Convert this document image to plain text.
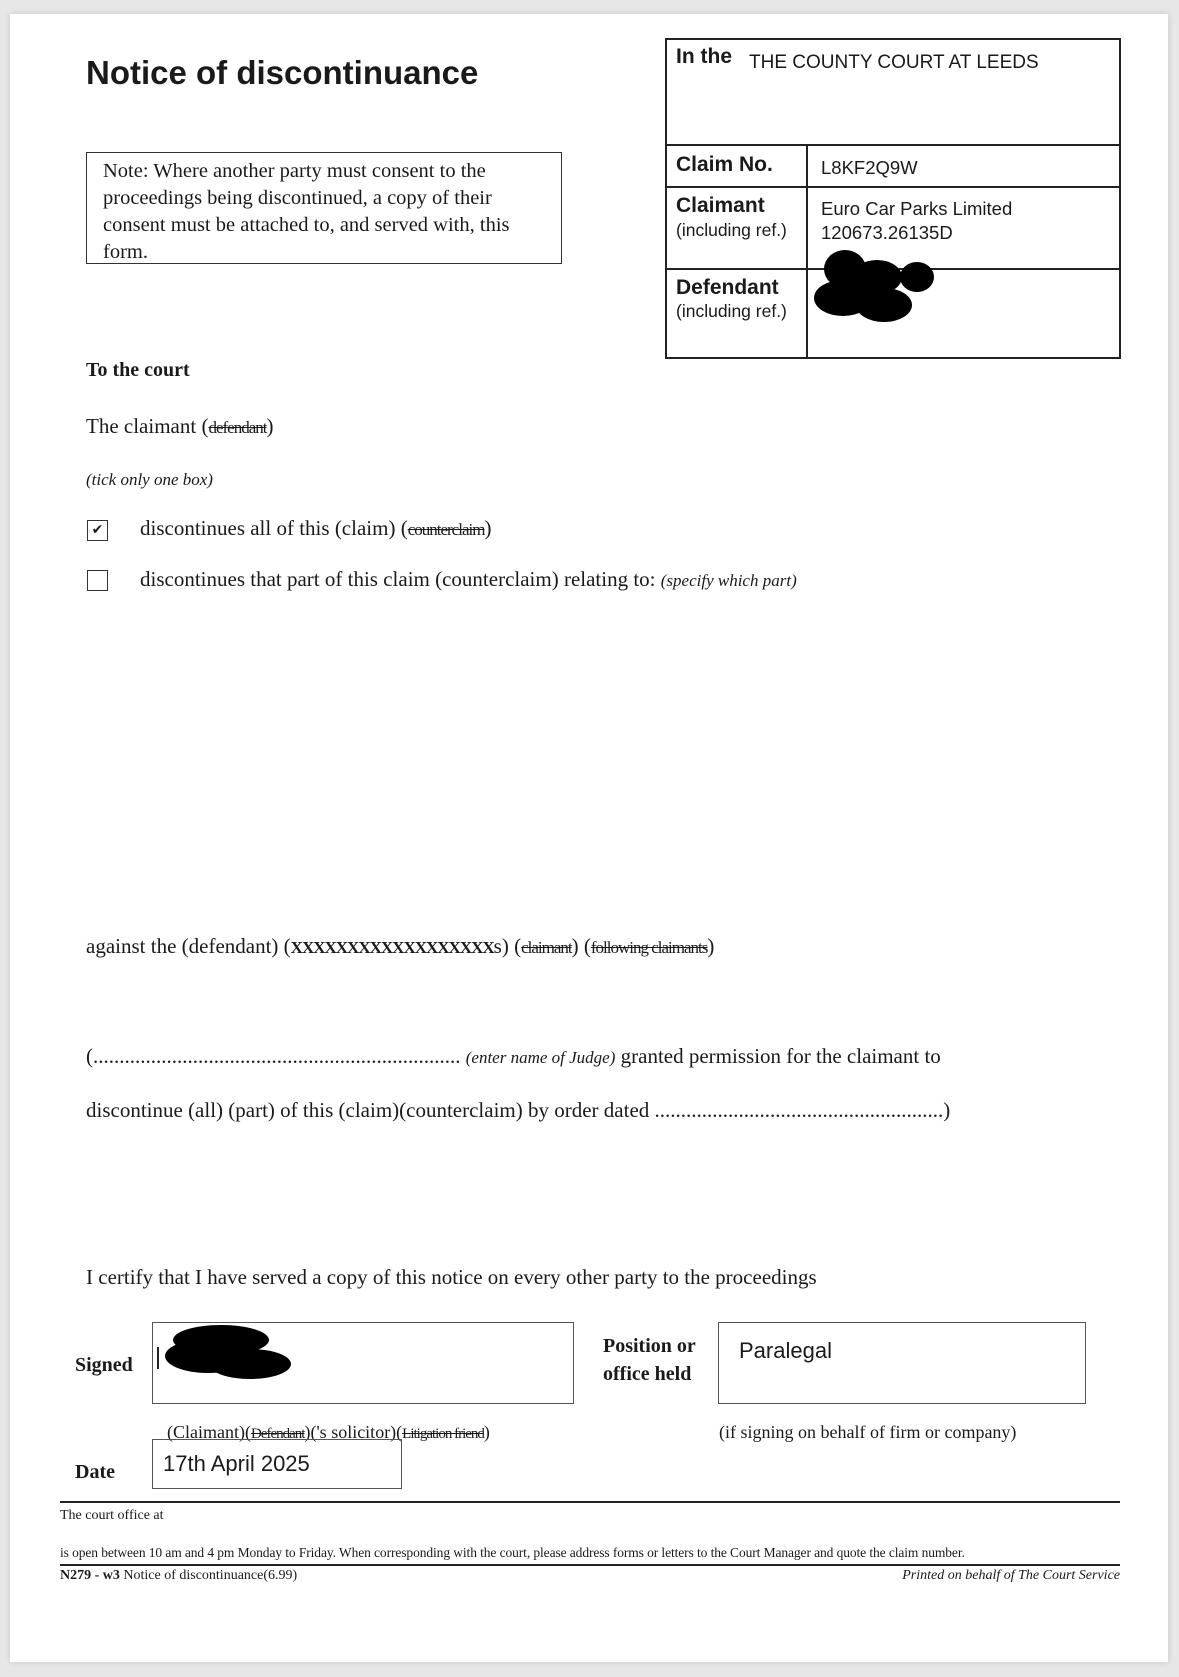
Notice of discontinuance
Note: Where another party must consent to the proceedings being discontinued, a copy of their consent must be attached to, and served with, this form.
In the THE COUNTY COURT AT LEEDS
Claim No.	L8KF2Q9W
Claimant
(including ref.)
Euro Car Parks Limited
120673.26135D
Defendant
(including ref.)
To the court
The claimant (defendant)
(tick only one box)
✔ discontinues all of this (claim) (counterclaim)
discontinues that part of this claim (counterclaim) relating to: (specify which part)
against the (defendant) (XXXXXXXXXXXXXXXXXXs) (claimant) (following claimants)
(...................................................................... (enter name of Judge) granted permission for the claimant to
discontinue (all) (part) of this (claim)(counterclaim) by order dated .......................................................)
I certify that I have served a copy of this notice on every other party to the proceedings
Signed
(Claimant)(Defendant)('s solicitor)(Litigation friend)
Position or
office held
Paralegal
(if signing on behalf of firm or company)
Date 17th April 2025
The court office at
is open between 10 am and 4 pm Monday to Friday. When corresponding with the court, please address forms or letters to the Court Manager and quote the claim number.
N279 - w3 Notice of discontinuance(6.99)	Printed on behalf of The Court Service
